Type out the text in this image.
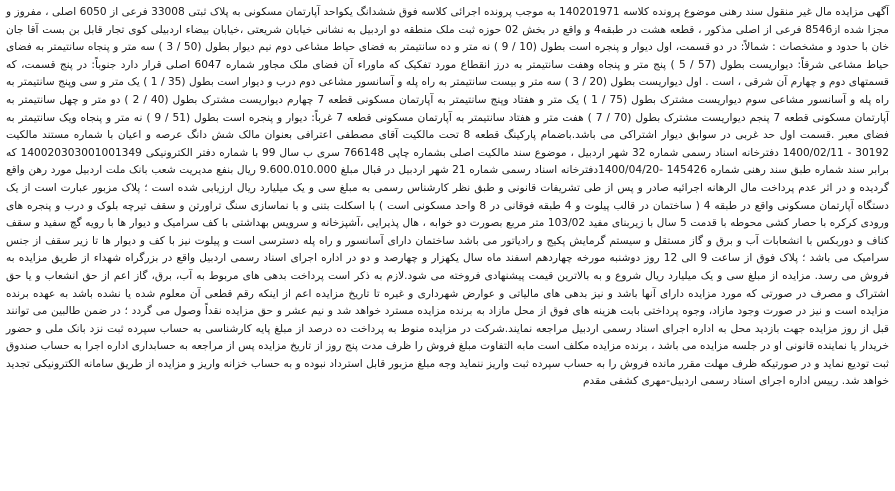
آگهی مزایده مال غیر منقول سند رهنی موضوع پرونده کلاسه 140201971 به موجب پرونده اجرائی کلاسه فوق ششدانگ یکواحد آپارتمان مسکونی به پلاک ثبتی 33008 فرعی از 6050 اصلی ، مفروز و مجزا شده از8546 فرعی از اصلی مذکور ، قطعه هشت در طبقه4 و واقع در بخش 02 حوزه ثبت ملک منطقه دو اردبیل به نشانی خیابان شریعتی ،خیابان بیضاء اردبیلی کوی تجار قابل بن بست آقا جان خان با حدود و مشخصات : شمالاً: در دو قسمت، اول دیوار و پنجره است بطول (10 / 9 ) نه متر و ده سانتیمتر به فضای حیاط مشاعی دوم نیم دیوار بطول (50 / 3 ) سه متر و پنجاه سانتیمتر به فضای حیاط مشاعی شرقاً: دیواریست بطول (57 / 5 ) پنج متر و پنجاه وهفت سانتیمتر به درز انقطاع مورد تفکیک که ماوراء آن فضای ملک مجاور شماره 6047 اصلی قرار دارد جنوباً: در پنج قسمت، که قسمتهای دوم و چهارم آن شرقی ، است . اول دیواریست بطول (20 / 3 ) سه متر و بیست سانتیمتر به راه پله و آسانسور مشاعی دوم درب و دیوار است بطول (35 / 1 ) یک متر و سی وپنج سانتیمتر به راه پله و آسانسور مشاعی سوم دیواریست مشترک بطول (75 / 1 ) یک متر و هفتاد وپنج سانتیمتر به آپارتمان مسکونی قطعه 7 چهارم دیواریست مشترک بطول (40 / 2 ) دو متر و چهل سانتیمتر به آپارتمان مسکونی قطعه 7 پنجم دیواریست مشترک بطول (70 / 7 ) هفت متر و هفتاد سانتیمتر به آپارتمان مسکونی قطعه 7 غرباً: دیوار و پنجره است بطول (51 / 9 ) نه متر و پنجاه ویک سانتیمتر به فضای معبر .قسمت اول حد غربی در سوابق دیوار اشتراکی می باشد.باضمام پارکینگ قطعه 8 تحت مالکیت آقای مصطفی اعترافی بعنوان مالک شش دانگ عرصه و اعیان با شماره مستند مالکیت 30192 - 1400/02/11 دفترخانه اسناد رسمی شماره 32 شهر اردبیل ، موضوع سند مالکیت اصلی بشماره چاپی 766148 سری ب سال 99 با شماره دفتر الکترونیکی 140020303001001349 که برابر سند شماره طبق سند رهنی شماره 145426 -1400/04/20دفترخانه اسناد رسمی شماره 21 شهر اردبیل در قبال مبلغ 9.600.010.000 ریال بنفع مدیریت شعب بانک ملت اردبیل مورد رهن واقع گردیده و در اثر عدم پرداخت مال الرهانه اجرائیه صادر و پس از طی تشریفات قانونی و طبق نظر کارشناس رسمی به مبلغ سی و یک میلیارد ریال ارزیابی شده است ؛ پلاک مزبور عبارت است از یک دستگاه آپارتمان مسکونی واقع در طبقه 4 ( ساختمان در قالب پیلوت و 4 طبقه فوقانی در 8 واحد مسکونی است ) با اسکلت بتنی و با نماسازی سنگ تراورتن و سقف تیرچه بلوک و درب و پنجره های ورودی کرکره با حصار کشی محوطه با قدمت 5 سال با زیربنای مفید 103/02 متر مربع بصورت دو خوابه ، هال پذیرایی ،آشپزخانه و سرویس بهداشتی با کف سرامیک و دیوار ها با رویه گچ سفید و سقف کناف و دوربکس با انشعابات آب و برق و گاز مستقل و سیستم گرمایش پکیج و رادیاتور می باشد ساختمان دارای آسانسور و راه پله دسترسی است و پیلوت نیز با کف و دیوار ها تا زیر سقف از جنس سرامیک می باشد ؛ پلاک فوق از ساعت 9 الی 12 روز دوشنبه مورخه چهاردهم اسفند ماه سال یکهزار و چهارصد و دو در اداره اجرای اسناد رسمی اردبیل واقع در بزرگراه شهداء از طریق مزایده به فروش می رسد. مزایده از مبلغ سی و یک میلیارد ریال شروع و به بالاترین قیمت پیشنهادی فروخته می شود.لازم به ذکر است پرداخت بدهی های مربوط به آب، برق، گاز اعم از حق انشعاب و یا حق اشتراک و مصرف در صورتی که مورد مزایده دارای آنها باشد و نیز بدهی های مالیاتی و عوارض شهرداری و غیره تا تاریخ مزایده اعم از اینکه رقم قطعی آن معلوم شده یا نشده باشد به عهده برنده مزایده است و نیز در صورت وجود مازاد، وجوه پرداختی بابت هزینه های فوق از محل مازاد به برنده مزایده مسترد خواهد شد و نیم عشر و حق مزایده نقداً وصول می گردد ؛ در ضمن طالبین می توانند قبل از روز مزایده جهت بازدید محل به اداره اجرای اسناد رسمی اردبیل مراجعه نمایند.شرکت در مزایده منوط به پرداخت ده درصد از مبلغ پایه کارشناسی به حساب سپرده ثبت نزد بانک ملی و حضور خریدار یا نماینده قانونی او در جلسه مزایده می باشد ، برنده مزایده مکلف است مابه التفاوت مبلغ فروش را ظرف مدت پنج روز از تاریخ مزایده پس از مراجعه به حسابداری اداره اجرا به حساب صندوق ثبت تودیع نماید و در صورتیکه ظرف مهلت مقرر مانده فروش را به حساب سپرده ثبت واریز ننماید وجه مبلغ مزبور قابل استرداد نبوده و به حساب خزانه واریز و مزایده از طریق سامانه الکترونیکی تجدید خواهد شد. رییس اداره اجرای اسناد رسمی اردبیل-مهری کشفی مقدم
